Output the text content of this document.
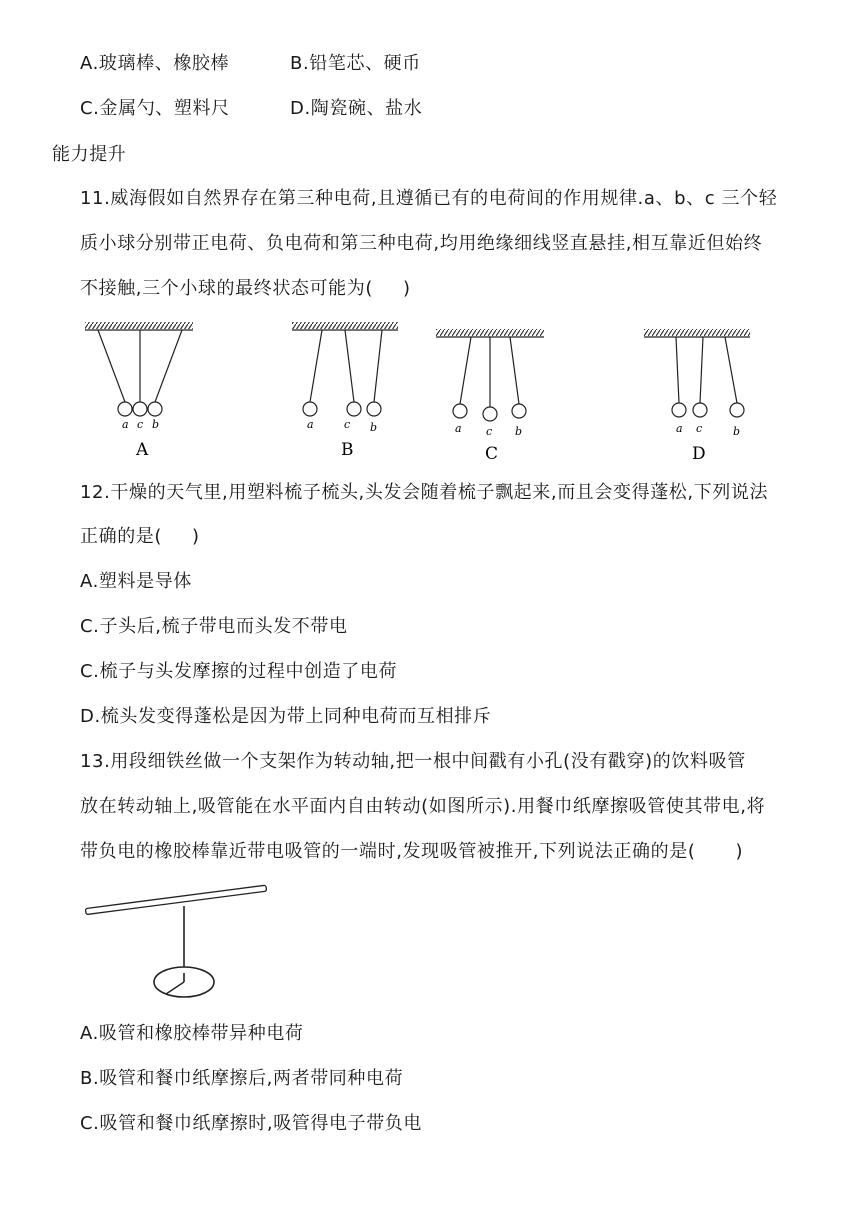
A.玻璃棒、橡胶棒	B.铅笔芯、硬币
C.金属勺、塑料尺	D.陶瓷碗、盐水
能力提升
11.威海假如自然界存在第三种电荷,且遵循已有的电荷间的作用规律.a、b、c 三个轻
质小球分别带正电荷、负电荷和第三种电荷,均用绝缘细线竖直悬挂,相互靠近但始终
不接触,三个小球的最终状态可能为( )
a c b
A
a	c b
B
a c b
C
a c	b
D
12.干燥的天气里,用塑料梳子梳头,头发会随着梳子飘起来,而且会变得蓬松,下列说法
正确的是( )
A.塑料是导体
C.子头后,梳子带电而头发不带电
C.梳子与头发摩擦的过程中创造了电荷
D.梳头发变得蓬松是因为带上同种电荷而互相排斥
13.用段细铁丝做一个支架作为转动轴,把一根中间戳有小孔(没有戳穿)的饮料吸管
放在转动轴上,吸管能在水平面内自由转动(如图所示).用餐巾纸摩擦吸管使其带电,将
带负电的橡胶棒靠近带电吸管的一端时,发现吸管被推开,下列说法正确的是( )
A.吸管和橡胶棒带异种电荷
B.吸管和餐巾纸摩擦后,两者带同种电荷
C.吸管和餐巾纸摩擦时,吸管得电子带负电
